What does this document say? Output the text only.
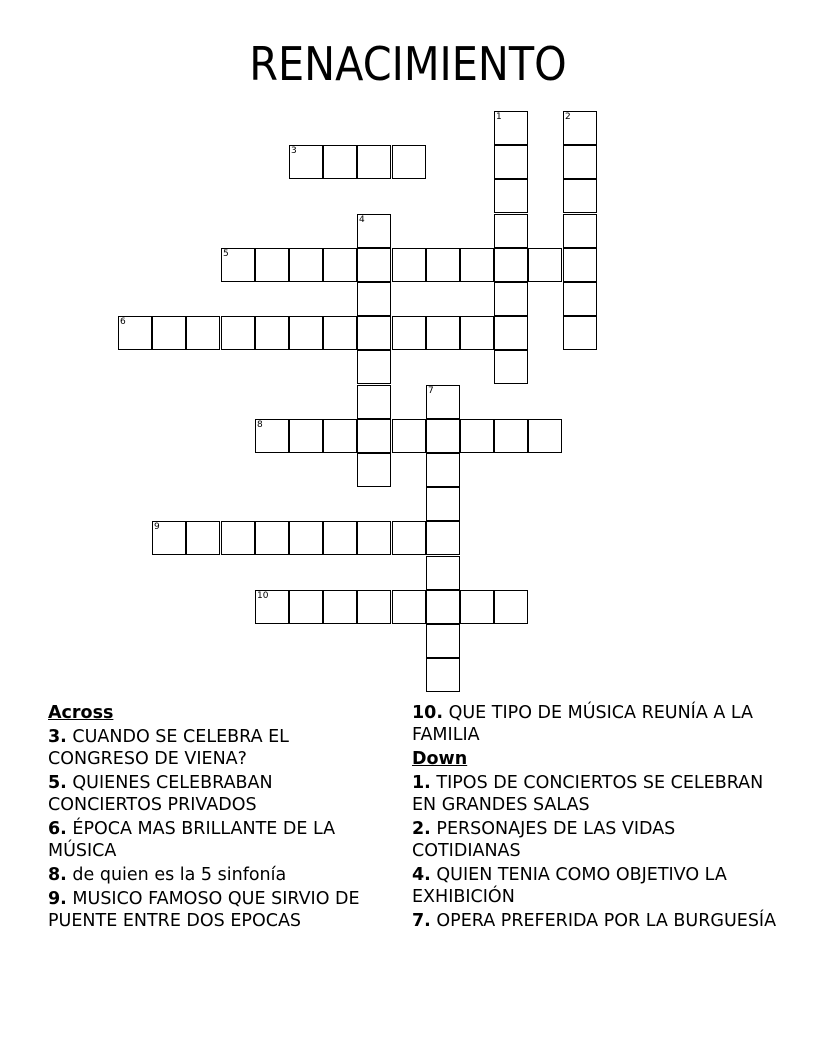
RENACIMIENTO
1	2
3
4
5
6
7
8
9
10
Across
3. CUANDO SE CELEBRA EL CONGRESO DE VIENA?
5. QUIENES CELEBRABAN CONCIERTOS PRIVADOS
6. ÉPOCA MAS BRILLANTE DE LA MÚSICA
8. de quien es la 5 sinfonía
9. MUSICO FAMOSO QUE SIRVIO DE PUENTE ENTRE DOS EPOCAS
10. QUE TIPO DE MÚSICA REUNÍA A LA FAMILIA
Down
1. TIPOS DE CONCIERTOS SE CELEBRAN EN GRANDES SALAS
2. PERSONAJES DE LAS VIDAS COTIDIANAS
4. QUIEN TENIA COMO OBJETIVO LA EXHIBICIÓN
7. OPERA PREFERIDA POR LA BURGUESÍA
